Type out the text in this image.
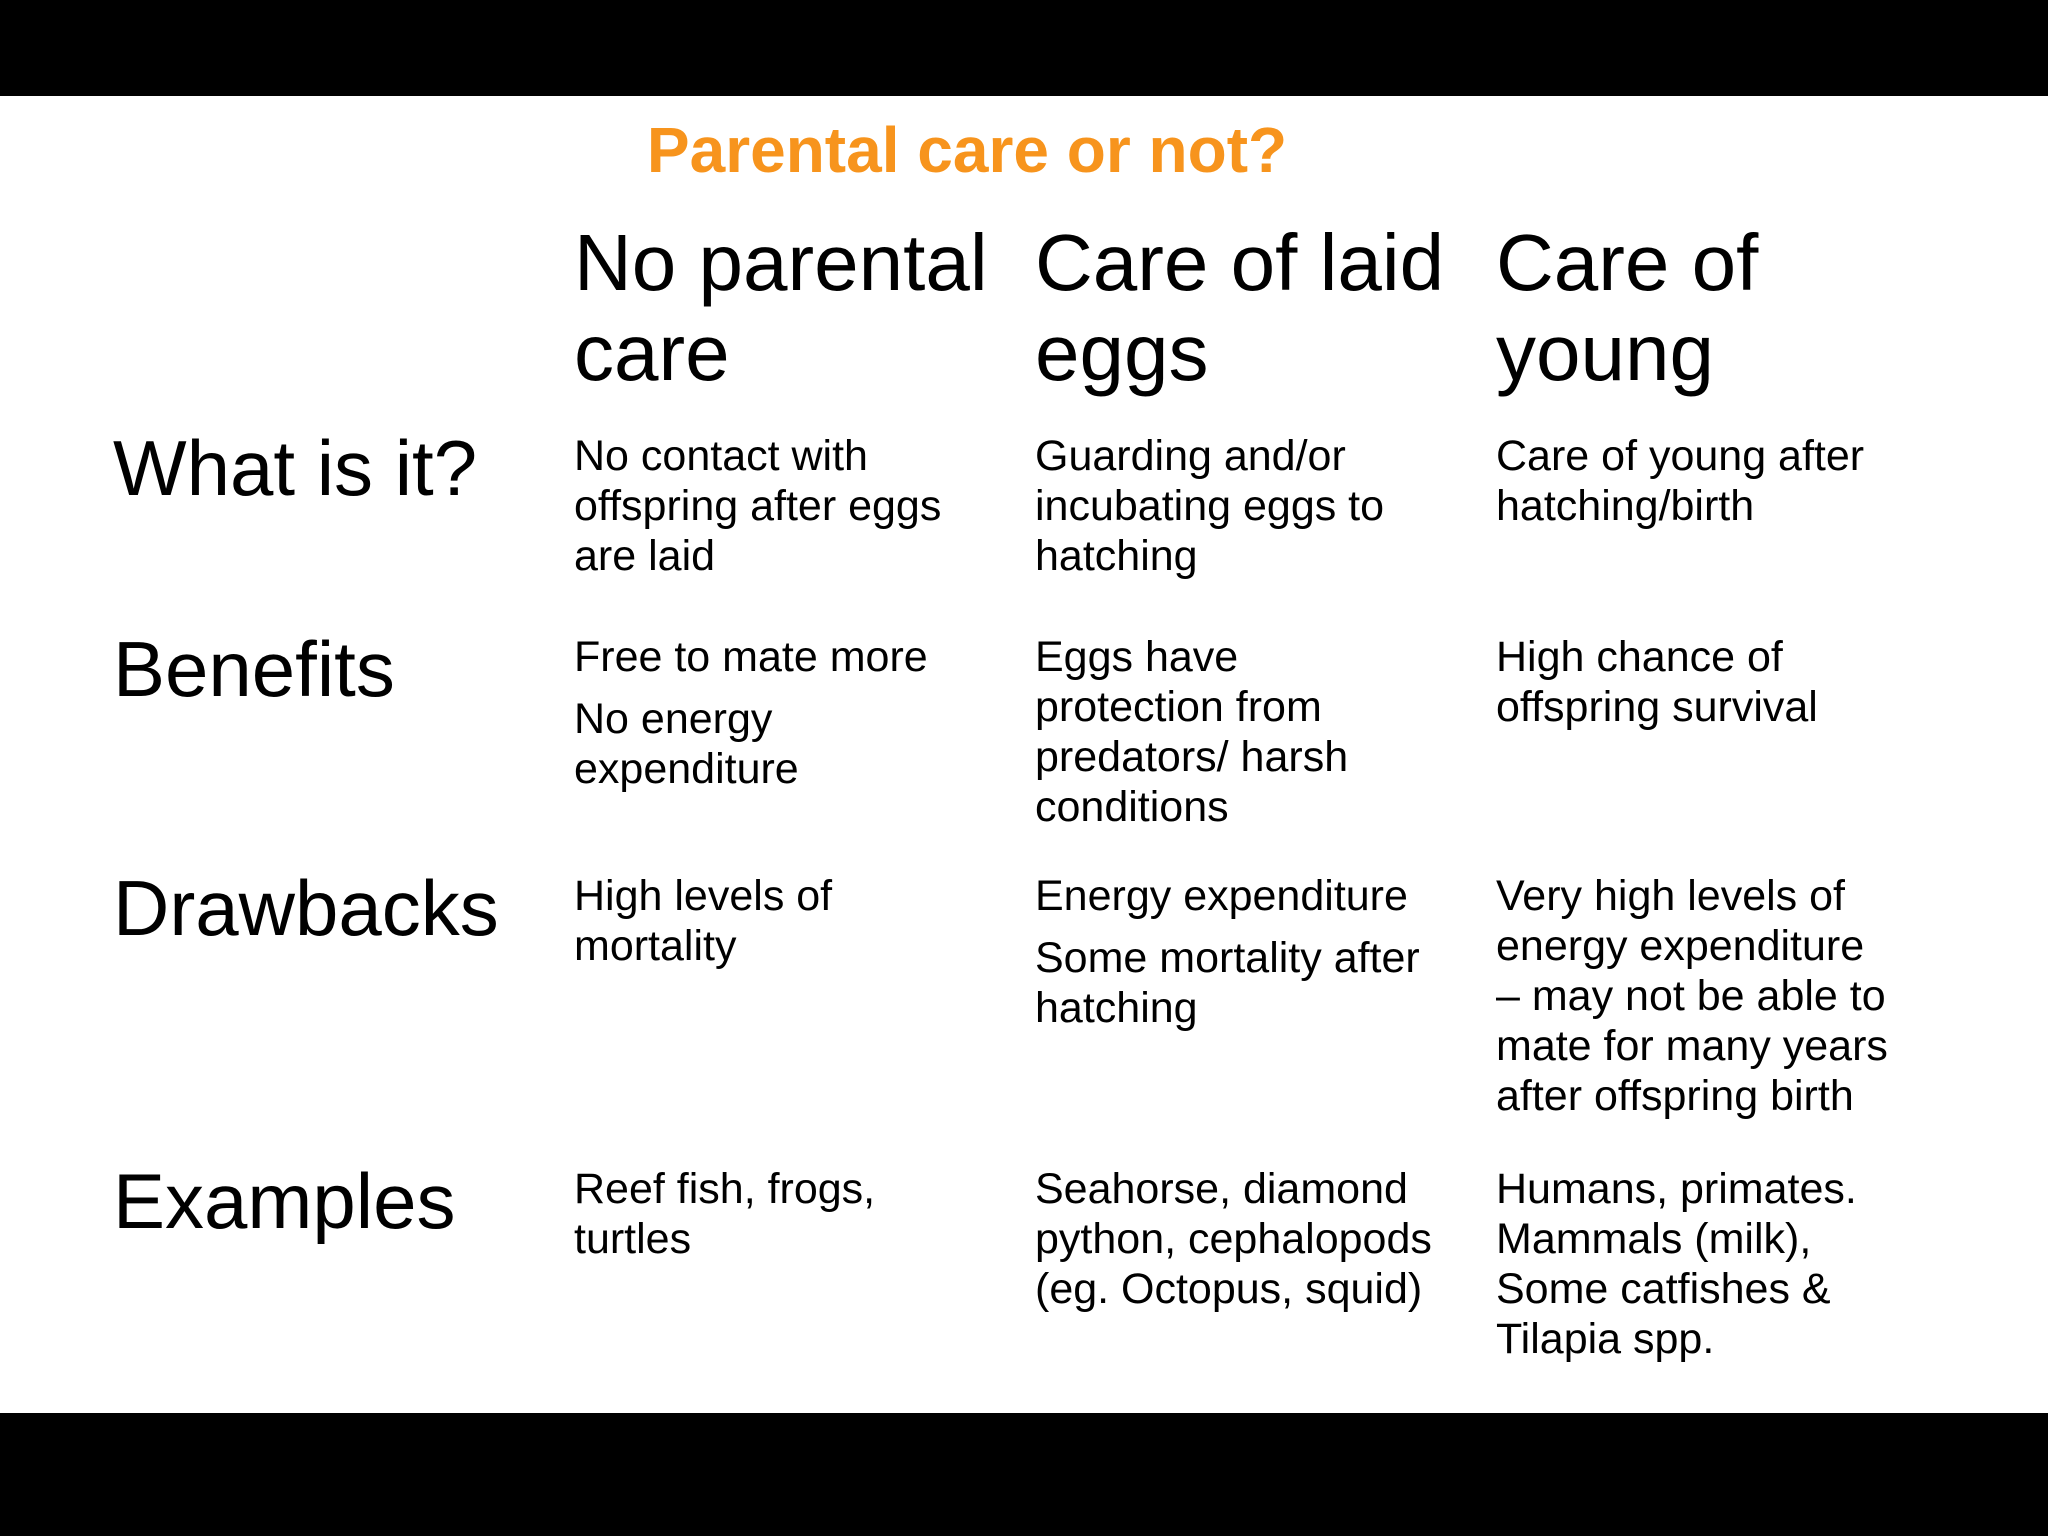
Parental care or not?
No parental
care
Care of laid
eggs
Care of
young
What is it? No contact with
offspring after eggs
are laid

Guarding and/or
incubating eggs to
hatching

Care of young after
hatching/birth

Benefits	Free to mate more

No energy
expenditure

Eggs have
protection from
predators/ harsh
conditions

High chance of
offspring survival

Drawbacks High levels of
mortality

Energy expenditure

Some mortality after
hatching

Very high levels of
energy expenditure
– may not be able to
mate for many years
after offspring birth

Examples	Reef fish, frogs,
turtles

Seahorse, diamond
python, cephalopods
(eg. Octopus, squid)

Humans, primates.
Mammals (milk),
Some catfishes &
Tilapia spp.
